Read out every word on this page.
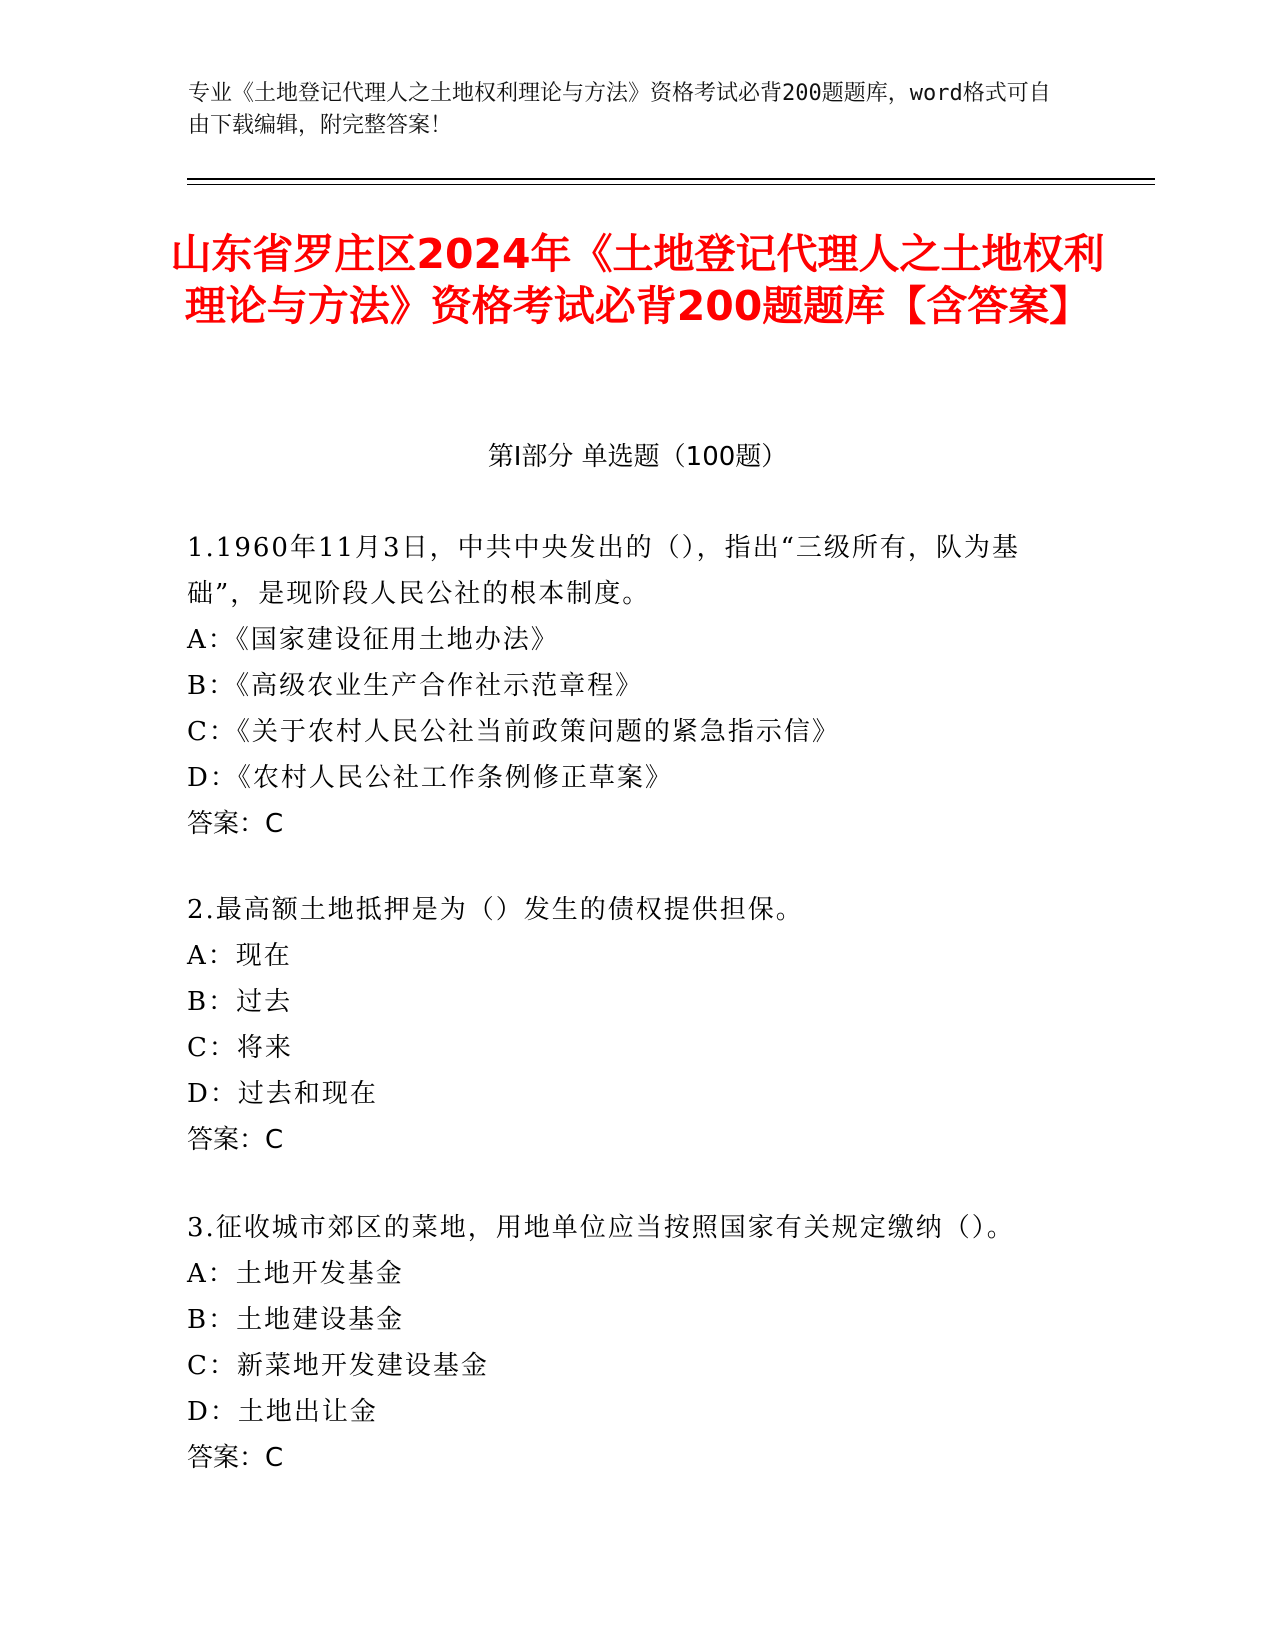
专业《土地登记代理人之土地权利理论与方法》资格考试必背200题题库，word格式可自由下载编辑，附完整答案！
山东省罗庄区2024年《土地登记代理人之土地权利理论与方法》资格考试必背200题题库【含答案】
第Ⅰ部分 单选题（100题）
1.1960年11月3日，中共中央发出的（），指出“三级所有，队为基础”，是现阶段人民公社的根本制度。
A：《国家建设征用土地办法》
B：《高级农业生产合作社示范章程》
C：《关于农村人民公社当前政策问题的紧急指示信》
D：《农村人民公社工作条例修正草案》
答案：C
2.最高额土地抵押是为（）发生的债权提供担保。
A：现在
B：过去
C：将来
D：过去和现在
答案：C
3.征收城市郊区的菜地，用地单位应当按照国家有关规定缴纳（）。
A：土地开发基金
B：土地建设基金
C：新菜地开发建设基金
D：土地出让金
答案：C
